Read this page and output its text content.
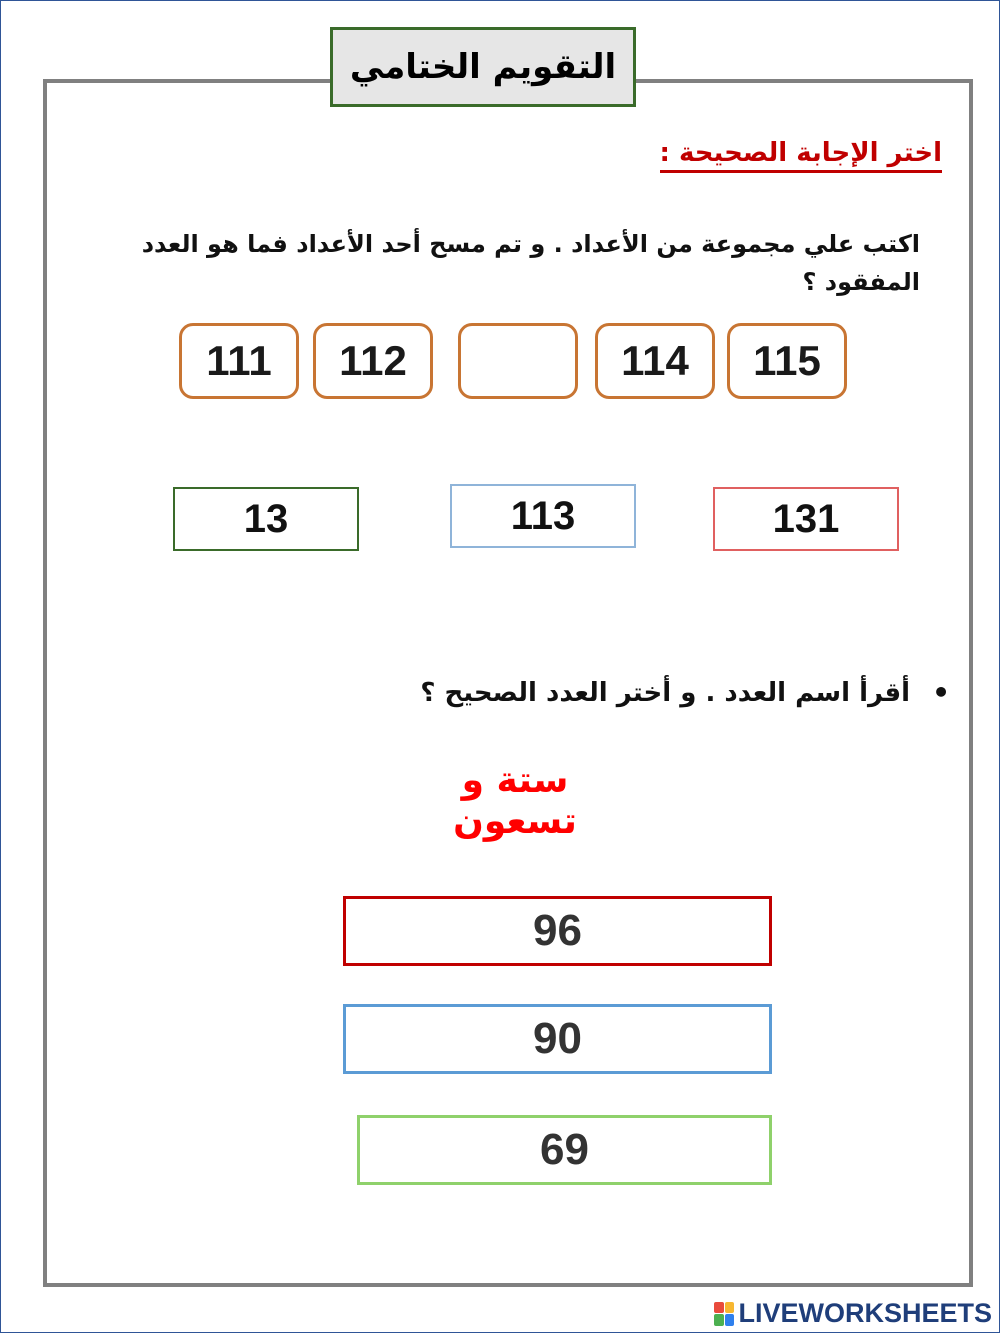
التقويم الختامي
اختر الإجابة الصحيحة :
اكتب علي مجموعة من الأعداد . و تم مسح أحد الأعداد فما هو العدد المفقود ؟
111	112	114	115
13	113	131
•
أقرأ اسم العدد . و أختر العدد الصحيح ؟
ستة و تسعون
96
90
69
LIVEWORKSHEETS
